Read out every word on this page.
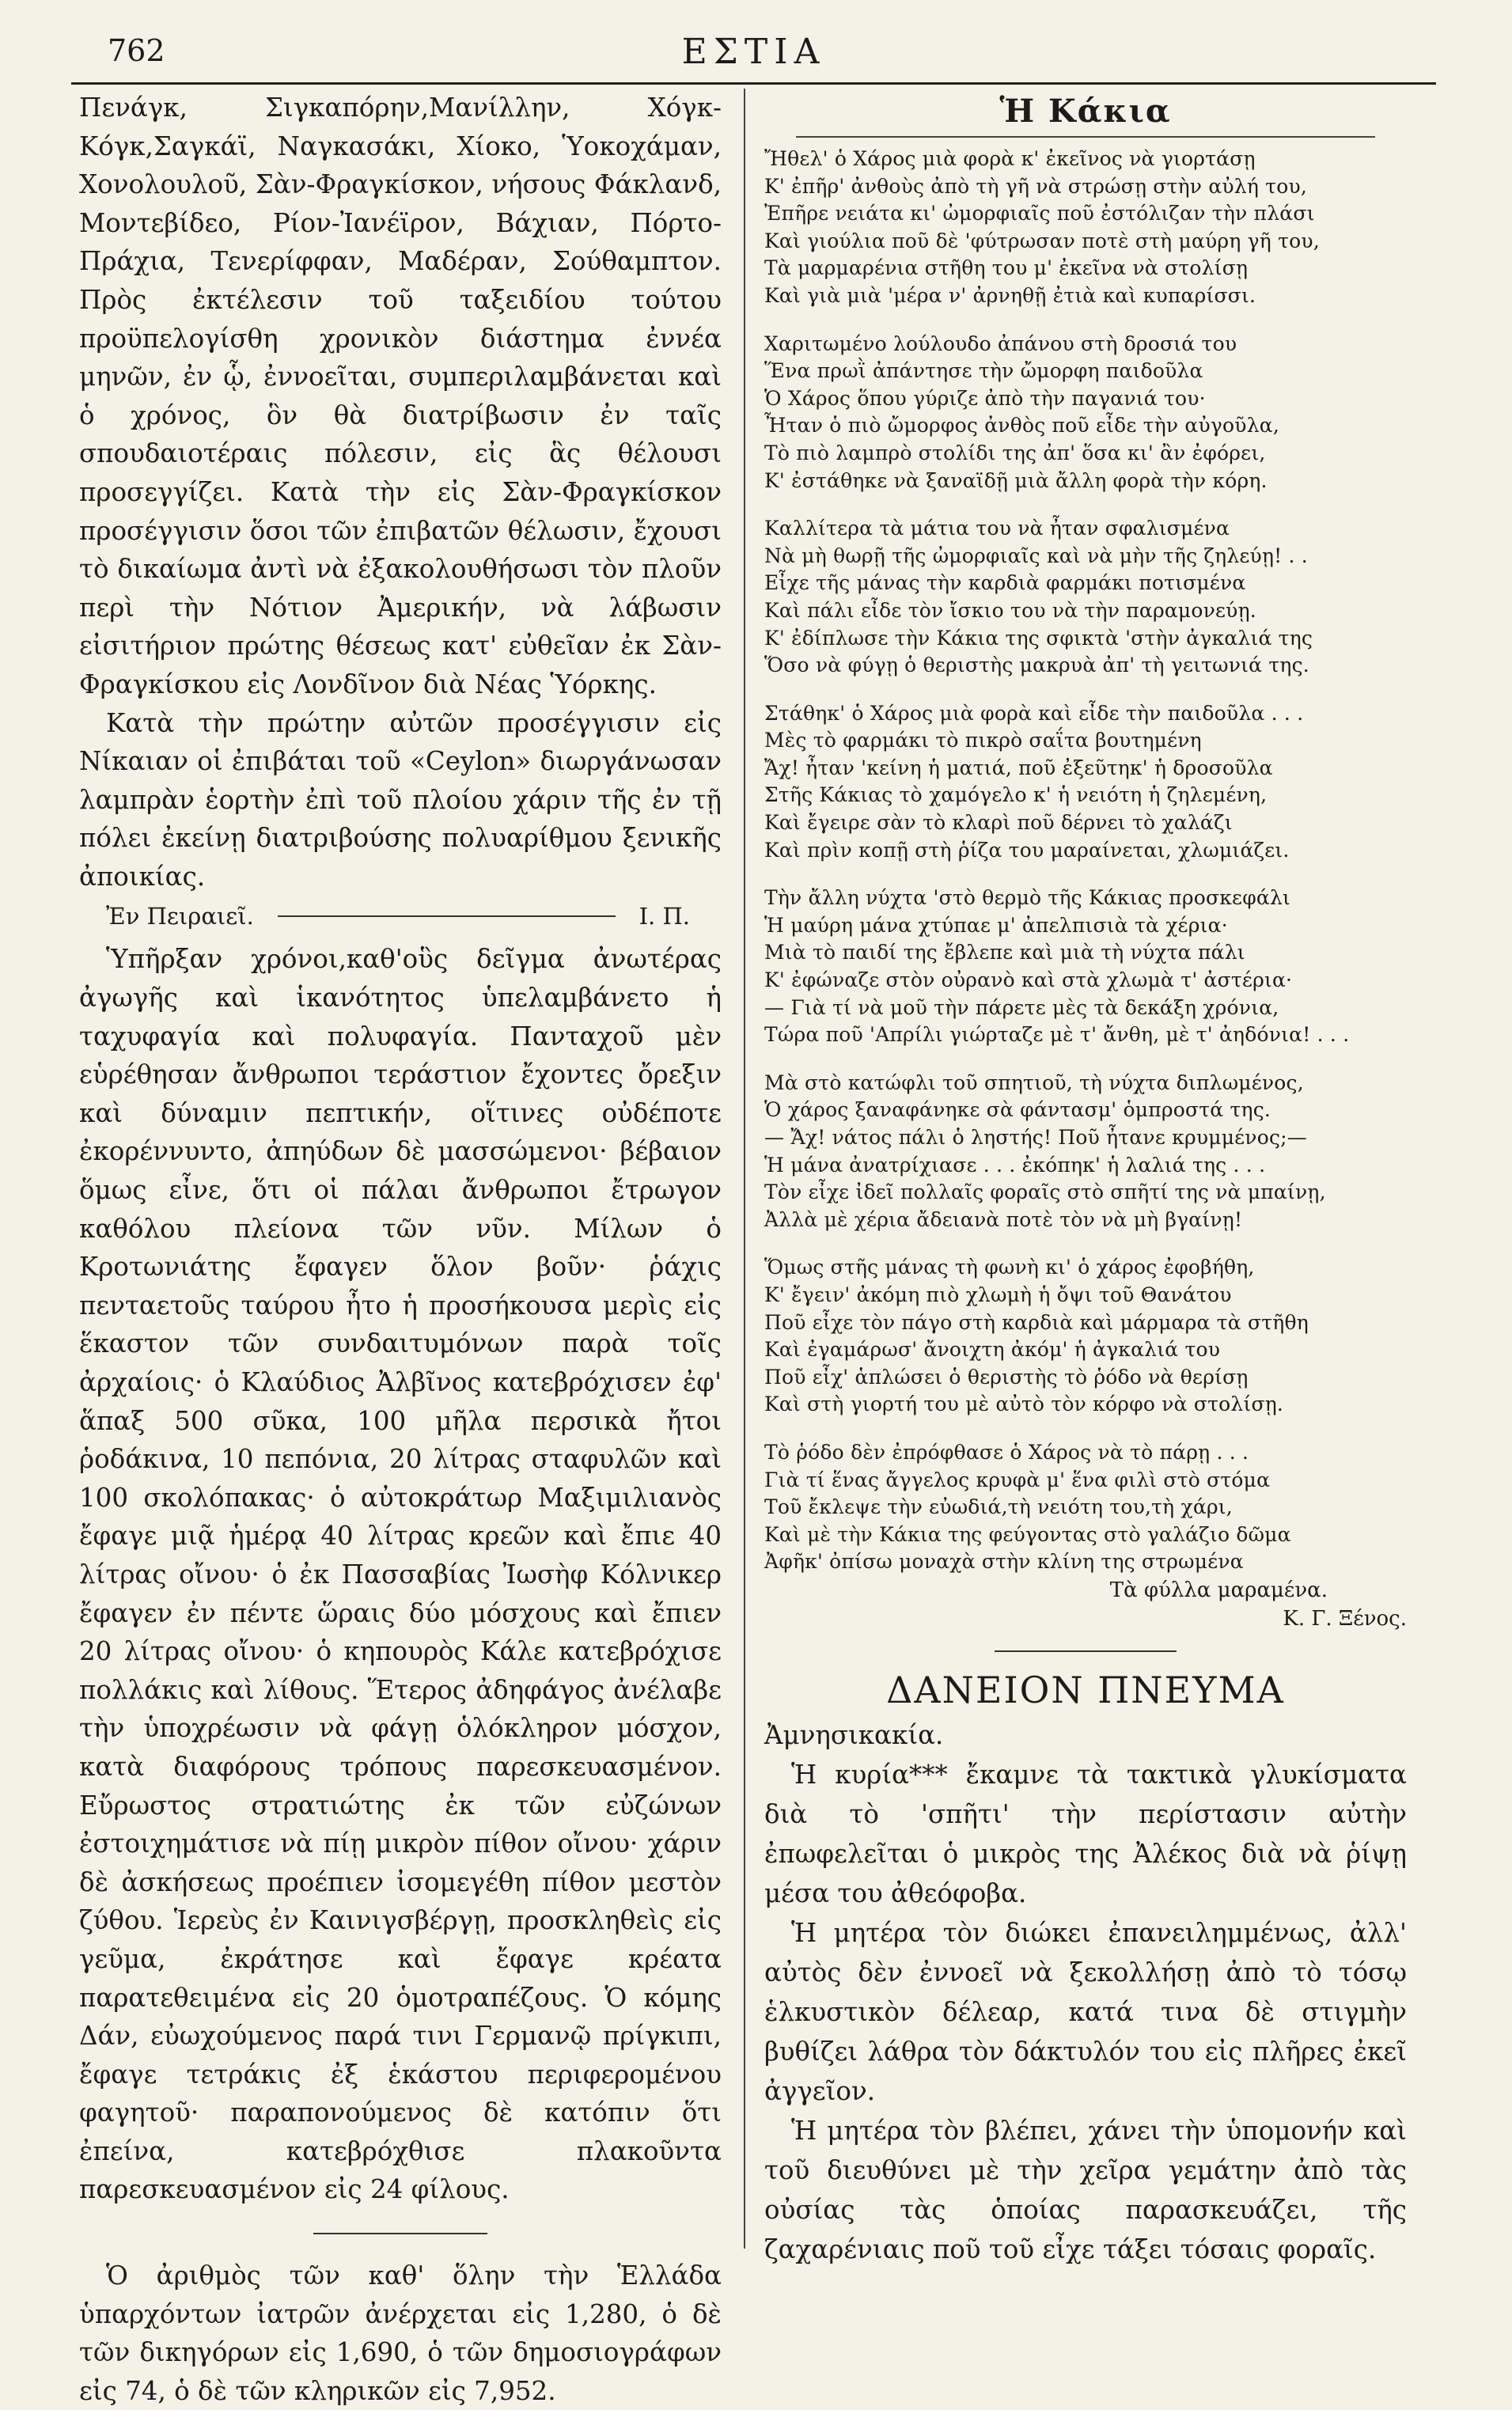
762	ΕΣΤΙΑ

Πενάγκ, Σιγκαπόρην,Μανίλλην, Χόγκ-Κόγκ,Σαγκάϊ, Ναγκασάκι, Χίοκο, Ὑοκοχάμαν, Χονολουλοῦ, Σὰν-Φραγκίσκον, νήσους Φάκλανδ, Μοντεβίδεο, Ρίον-Ἰανέϊρον, Βάχιαν, Πόρτο-Πράχια, Τενερίφφαν, Μαδέραν, Σούθαμπτον. Πρὸς ἐκτέλεσιν τοῦ ταξειδίου τούτου προϋπελογίσθη χρονικὸν διάστημα ἐννέα μηνῶν, ἐν ᾧ, ἐννοεῖται, συμπεριλαμβάνεται καὶ ὁ χρόνος, ὃν θὰ διατρίβωσιν ἐν ταῖς σπουδαιοτέραις πόλεσιν, εἰς ἃς θέλουσι προσεγγίζει. Κατὰ τὴν εἰς Σὰν-Φραγκίσκον προσέγγισιν ὅσοι τῶν ἐπιβατῶν θέλωσιν, ἔχουσι τὸ δικαίωμα ἀντὶ νὰ ἐξακολουθήσωσι τὸν πλοῦν περὶ τὴν Νότιον Ἀμερικήν, νὰ λάβωσιν εἰσιτήριον πρώτης θέσεως κατ' εὐθεῖαν ἐκ Σὰν-Φραγκίσκου εἰς Λονδῖνον διὰ Νέας Ὑόρκης.

Κατὰ τὴν πρώτην αὐτῶν προσέγγισιν εἰς Νίκαιαν οἱ ἐπιβάται τοῦ «Ceylon» διωργάνωσαν λαμπρὰν ἑορτὴν ἐπὶ τοῦ πλοίου χάριν τῆς ἐν τῇ πόλει ἐκείνῃ διατριβούσης πολυαρίθμου ξενικῆς ἀποικίας.

Ἐν Πειραιεῖ.	Ι. Π.

Ὑπῆρξαν χρόνοι,καθ'οὓς δεῖγμα ἀνωτέρας ἀγωγῆς καὶ ἱκανότητος ὑπελαμβάνετο ἡ ταχυφαγία καὶ πολυφαγία. Πανταχοῦ μὲν εὑρέθησαν ἄνθρωποι τεράστιον ἔχοντες ὄρεξιν καὶ δύναμιν πεπτικήν, οἵτινες οὐδέποτε ἐκορέννυντο, ἀπηύδων δὲ μασσώμενοι· βέβαιον ὅμως εἶνε, ὅτι οἱ πάλαι ἄνθρωποι ἔτρωγον καθόλου πλείονα τῶν νῦν. Μίλων ὁ Κροτωνιάτης ἔφαγεν ὅλον βοῦν· ῥάχις πενταετοῦς ταύρου ἦτο ἡ προσήκουσα μερὶς εἰς ἕκαστον τῶν συνδαιτυμόνων παρὰ τοῖς ἀρχαίοις· ὁ Κλαύδιος Ἀλβῖνος κατεβρόχισεν ἐφ' ἅπαξ 500 σῦκα, 100 μῆλα περσικὰ ἤτοι ῥοδάκινα, 10 πεπόνια, 20 λίτρας σταφυλῶν καὶ 100 σκολόπακας· ὁ αὐτοκράτωρ Μαξιμιλιανὸς ἔφαγε μιᾷ ἡμέρᾳ 40 λίτρας κρεῶν καὶ ἔπιε 40 λίτρας οἴνου· ὁ ἐκ Πασσαβίας Ἰωσὴφ Κόλνικερ ἔφαγεν ἐν πέντε ὥραις δύο μόσχους καὶ ἔπιεν 20 λίτρας οἴνου· ὁ κηπουρὸς Κάλε κατεβρόχισε πολλάκις καὶ λίθους. Ἕτερος ἀδηφάγος ἀνέλαβε τὴν ὑποχρέωσιν νὰ φάγῃ ὁλόκληρον μόσχον, κατὰ διαφόρους τρόπους παρεσκευασμένον. Εὔρωστος στρατιώτης ἐκ τῶν εὐζώνων ἐστοιχημάτισε νὰ πίῃ μικρὸν πίθον οἴνου· χάριν δὲ ἀσκήσεως προέπιεν ἰσομεγέθη πίθον μεστὸν ζύθου. Ἱερεὺς ἐν Καινιγσβέργῃ, προσκληθεὶς εἰς γεῦμα, ἐκράτησε καὶ ἔφαγε κρέατα παρατεθειμένα εἰς 20 ὁμοτραπέζους. Ὁ κόμης Δάν, εὐωχούμενος παρά τινι Γερμανῷ πρίγκιπι, ἔφαγε τετράκις ἐξ ἑκάστου περιφερομένου φαγητοῦ· παραπονούμενος δὲ κατόπιν ὅτι ἐπείνα, κατεβρόχθισε πλακοῦντα παρεσκευασμένον εἰς 24 φίλους.

Ὁ ἀριθμὸς τῶν καθ' ὅλην τὴν Ἑλλάδα ὑπαρχόντων ἰατρῶν ἀνέρχεται εἰς 1,280, ὁ δὲ τῶν δικηγόρων εἰς 1,690, ὁ τῶν δημοσιογράφων εἰς 74, ὁ δὲ τῶν κληρικῶν εἰς 7,952.

Ἡ Κάκια
Ἤθελ' ὁ Χάρος μιὰ φορὰ κ' ἐκεῖνος νὰ γιορτάσῃ
Κ' ἐπῆρ' ἀνθοὺς ἀπὸ τὴ γῆ νὰ στρώσῃ στὴν αὐλή του,
Ἐπῆρε νειάτα κι' ὠμορφιαῖς ποῦ ἐστόλιζαν τὴν πλάσι
Καὶ γιούλια ποῦ δὲ 'φύτρωσαν ποτὲ στὴ μαύρη γῆ του,
Τὰ μαρμαρένια στῆθη του μ' ἐκεῖνα νὰ στολίσῃ
Καὶ γιὰ μιὰ 'μέρα ν' ἀρνηθῇ ἐτιὰ καὶ κυπαρίσσι.
Χαριτωμένο λούλουδο ἀπάνου στὴ δροσιά του
Ἕνα πρωῒ ἀπάντησε τὴν ὤμορφη παιδοῦλα
Ὁ Χάρος ὅπου γύριζε ἀπὸ τὴν παγανιά του·
Ἦταν ὁ πιὸ ὤμορφος ἀνθὸς ποῦ εἶδε τὴν αὐγοῦλα,
Τὸ πιὸ λαμπρὸ στολίδι της ἀπ' ὅσα κι' ἂν ἐφόρει,
Κ' ἐστάθηκε νὰ ξαναϊδῇ μιὰ ἄλλη φορὰ τὴν κόρη.
Καλλίτερα τὰ μάτια του νὰ ἦταν σφαλισμένα
Νὰ μὴ θωρῇ τῆς ὠμορφιαῖς καὶ νὰ μὴν τῆς ζηλεύῃ! . .
Εἶχε τῆς μάνας τὴν καρδιὰ φαρμάκι ποτισμένα
Καὶ πάλι εἶδε τὸν ἴσκιο του νὰ τὴν παραμονεύῃ.
Κ' ἐδίπλωσε τὴν Κάκια της σφικτὰ 'στὴν ἀγκαλιά της
Ὅσο νὰ φύγῃ ὁ θεριστὴς μακρυὰ ἀπ' τὴ γειτωνιά της.
Στάθηκ' ὁ Χάρος μιὰ φορὰ καὶ εἶδε τὴν παιδοῦλα . . .
Μὲς τὸ φαρμάκι τὸ πικρὸ σαΐτα βουτημένη
Ἄχ! ἦταν 'κείνη ἡ ματιά, ποῦ ἐξεῦτηκ' ἡ δροσοῦλα
Στῆς Κάκιας τὸ χαμόγελο κ' ἡ νειότη ἡ ζηλεμένη,
Καὶ ἔγειρε σὰν τὸ κλαρὶ ποῦ δέρνει τὸ χαλάζι
Καὶ πρὶν κοπῇ στὴ ῥίζα του μαραίνεται, χλωμιάζει.
Τὴν ἄλλη νύχτα 'στὸ θερμὸ τῆς Κάκιας προσκεφάλι
Ἡ μαύρη μάνα χτύπαε μ' ἀπελπισιὰ τὰ χέρια·
Μιὰ τὸ παιδί της ἔβλεπε καὶ μιὰ τὴ νύχτα πάλι
Κ' ἐφώναζε στὸν οὐρανὸ καὶ στὰ χλωμὰ τ' ἀστέρια·
— Γιὰ τί νὰ μοῦ τὴν πάρετε μὲς τὰ δεκάξη χρόνια,
Τώρα ποῦ 'Απρίλι γιώρταζε μὲ τ' ἄνθη, μὲ τ' ἀηδόνια! . . .
Μὰ στὸ κατώφλι τοῦ σπητιοῦ, τὴ νύχτα διπλωμένος,
Ὁ χάρος ξαναφάνηκε σὰ φάντασμ' ὁμπροστά της.
— Ἄχ! νάτος πάλι ὁ ληστής! Ποῦ ἦτανε κρυμμένος;—
Ἡ μάνα ἀνατρίχιασε . . . ἐκόπηκ' ἡ λαλιά της . . .
Τὸν εἶχε ἰδεῖ πολλαῖς φοραῖς στὸ σπῆτί της νὰ μπαίνῃ,
Ἀλλὰ μὲ χέρια ἄδειανὰ ποτὲ τὸν νὰ μὴ βγαίνῃ!
Ὅμως στῆς μάνας τὴ φωνὴ κι' ὁ χάρος ἐφοβήθη,
Κ' ἔγειν' ἀκόμη πιὸ χλωμὴ ἡ ὄψι τοῦ Θανάτου
Ποῦ εἶχε τὸν πάγο στὴ καρδιὰ καὶ μάρμαρα τὰ στῆθη
Καὶ ἐγαμάρωσ' ἄνοιχτη ἀκόμ' ἡ ἀγκαλιά του
Ποῦ εἶχ' ἁπλώσει ὁ θεριστὴς τὸ ῥόδο νὰ θερίσῃ
Καὶ στὴ γιορτή του μὲ αὐτὸ τὸν κόρφο νὰ στολίσῃ.
Τὸ ῥόδο δὲν ἐπρόφθασε ὁ Χάρος νὰ τὸ πάρῃ . . .
Γιὰ τί ἕνας ἄγγελος κρυφὰ μ' ἕνα φιλὶ στὸ στόμα
Τοῦ ἔκλεψε τὴν εὐωδιά,τὴ νειότη του,τὴ χάρι,
Καὶ μὲ τὴν Κάκια της φεύγοντας στὸ γαλάζιο δῶμα
Ἀφῆκ' ὀπίσω μοναχὰ στὴν κλίνη της στρωμένα

Τὰ φύλλα μαραμένα.

Κ. Γ. Ξένος.

ΔΑΝΕΙΟΝ ΠΝΕΥΜΑ

Ἀμνησικακία.

Ἡ κυρία*** ἔκαμνε τὰ τακτικὰ γλυκίσματα διὰ τὸ 'σπῆτι' τὴν περίστασιν αὐτὴν ἐπωφελεῖται ὁ μικρὸς της Ἀλέκος διὰ νὰ ῥίψῃ μέσα του ἀθεόφοβα.

Ἡ μητέρα τὸν διώκει ἐπανειλημμένως, ἀλλ' αὐτὸς δὲν ἐννοεῖ νὰ ξεκολλήσῃ ἀπὸ τὸ τόσῳ ἑλκυστικὸν δέλεαρ, κατά τινα δὲ στιγμὴν βυθίζει λάθρα τὸν δάκτυλόν του εἰς πλῆρες ἐκεῖ ἀγγεῖον.

Ἡ μητέρα τὸν βλέπει, χάνει τὴν ὑπομονήν καὶ τοῦ διευθύνει μὲ τὴν χεῖρα γεμάτην ἀπὸ τὰς οὐσίας τὰς ὁποίας παρασκευάζει, τῆς ζαχαρένιαις ποῦ τοῦ εἶχε τάξει τόσαις φοραῖς.
